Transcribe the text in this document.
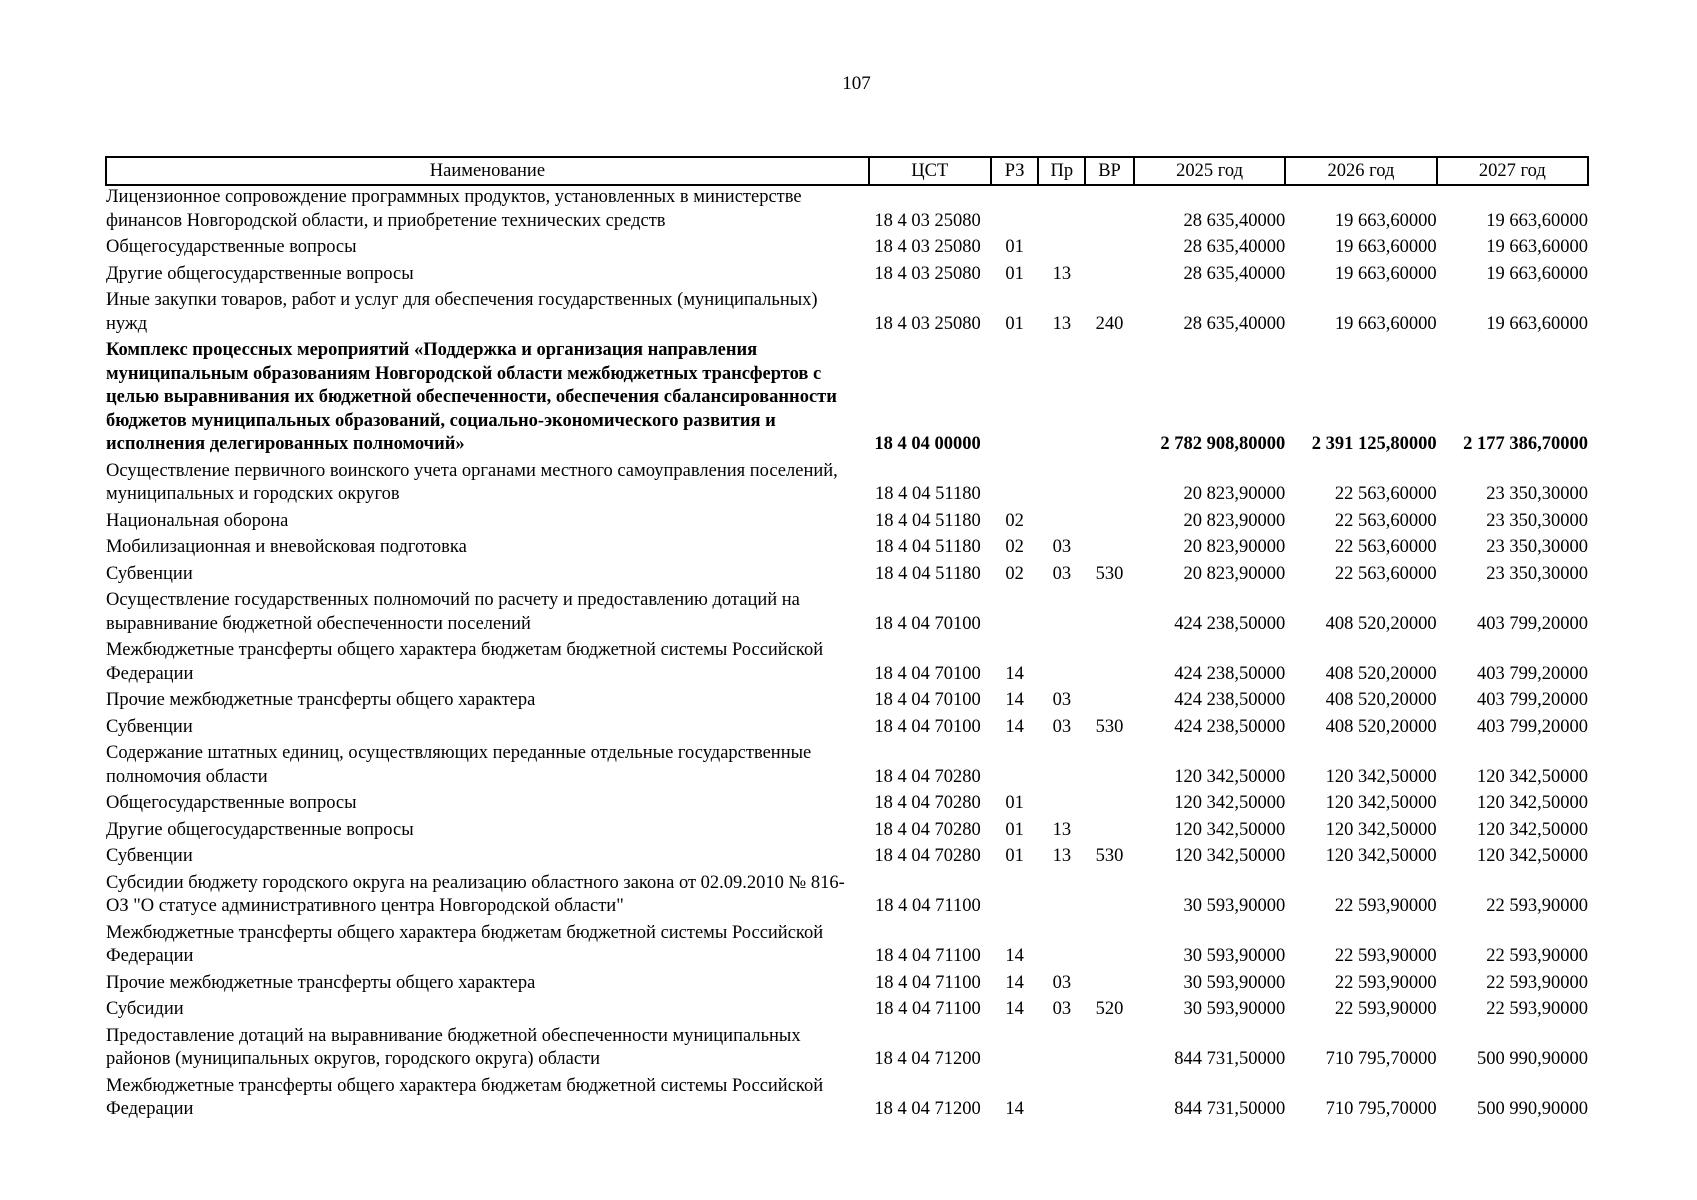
107
Наименование	ЦСТ	РЗ	Пр	ВР	2025 год	2026 год	2027 год
Лицензионное сопровождение программных продуктов, установленных в министерстве финансов Новгородской области, и приобретение технических средств	18 4 03 25080				28 635,40000	19 663,60000	19 663,60000
Общегосударственные вопросы	18 4 03 25080	01			28 635,40000	19 663,60000	19 663,60000
Другие общегосударственные вопросы	18 4 03 25080	01	13		28 635,40000	19 663,60000	19 663,60000
Иные закупки товаров, работ и услуг для обеспечения государственных (муниципальных) нужд	18 4 03 25080	01	13	240	28 635,40000	19 663,60000	19 663,60000
Комплекс процессных мероприятий «Поддержка и организация направления муниципальным образованиям Новгородской области межбюджетных трансфертов с целью выравнивания их бюджетной обеспеченности, обеспечения сбалансированности бюджетов муниципальных образований, социально-экономического развития и исполнения делегированных полномочий»	18 4 04 00000				2 782 908,80000	2 391 125,80000	2 177 386,70000
Осуществление первичного воинского учета органами местного самоуправления поселений, муниципальных и городских округов	18 4 04 51180				20 823,90000	22 563,60000	23 350,30000
Национальная оборона	18 4 04 51180	02			20 823,90000	22 563,60000	23 350,30000
Мобилизационная и вневойсковая подготовка	18 4 04 51180	02	03		20 823,90000	22 563,60000	23 350,30000
Субвенции	18 4 04 51180	02	03	530	20 823,90000	22 563,60000	23 350,30000
Осуществление государственных полномочий по расчету и предоставлению дотаций на выравнивание бюджетной обеспеченности поселений	18 4 04 70100				424 238,50000	408 520,20000	403 799,20000
Межбюджетные трансферты общего характера бюджетам бюджетной системы Российской Федерации	18 4 04 70100	14			424 238,50000	408 520,20000	403 799,20000
Прочие межбюджетные трансферты общего характера	18 4 04 70100	14	03		424 238,50000	408 520,20000	403 799,20000
Субвенции	18 4 04 70100	14	03	530	424 238,50000	408 520,20000	403 799,20000
Содержание штатных единиц, осуществляющих переданные отдельные государственные полномочия области	18 4 04 70280				120 342,50000	120 342,50000	120 342,50000
Общегосударственные вопросы	18 4 04 70280	01			120 342,50000	120 342,50000	120 342,50000
Другие общегосударственные вопросы	18 4 04 70280	01	13		120 342,50000	120 342,50000	120 342,50000
Субвенции	18 4 04 70280	01	13	530	120 342,50000	120 342,50000	120 342,50000
Субсидии бюджету городского округа на реализацию областного закона от 02.09.2010 № 816-ОЗ "О статусе административного центра Новгородской области"	18 4 04 71100				30 593,90000	22 593,90000	22 593,90000
Межбюджетные трансферты общего характера бюджетам бюджетной системы Российской Федерации	18 4 04 71100	14			30 593,90000	22 593,90000	22 593,90000
Прочие межбюджетные трансферты общего характера	18 4 04 71100	14	03		30 593,90000	22 593,90000	22 593,90000
Субсидии	18 4 04 71100	14	03	520	30 593,90000	22 593,90000	22 593,90000
Предоставление дотаций на выравнивание бюджетной обеспеченности муниципальных районов (муниципальных округов, городского округа) области	18 4 04 71200				844 731,50000	710 795,70000	500 990,90000
Межбюджетные трансферты общего характера бюджетам бюджетной системы Российской Федерации	18 4 04 71200	14			844 731,50000	710 795,70000	500 990,90000
